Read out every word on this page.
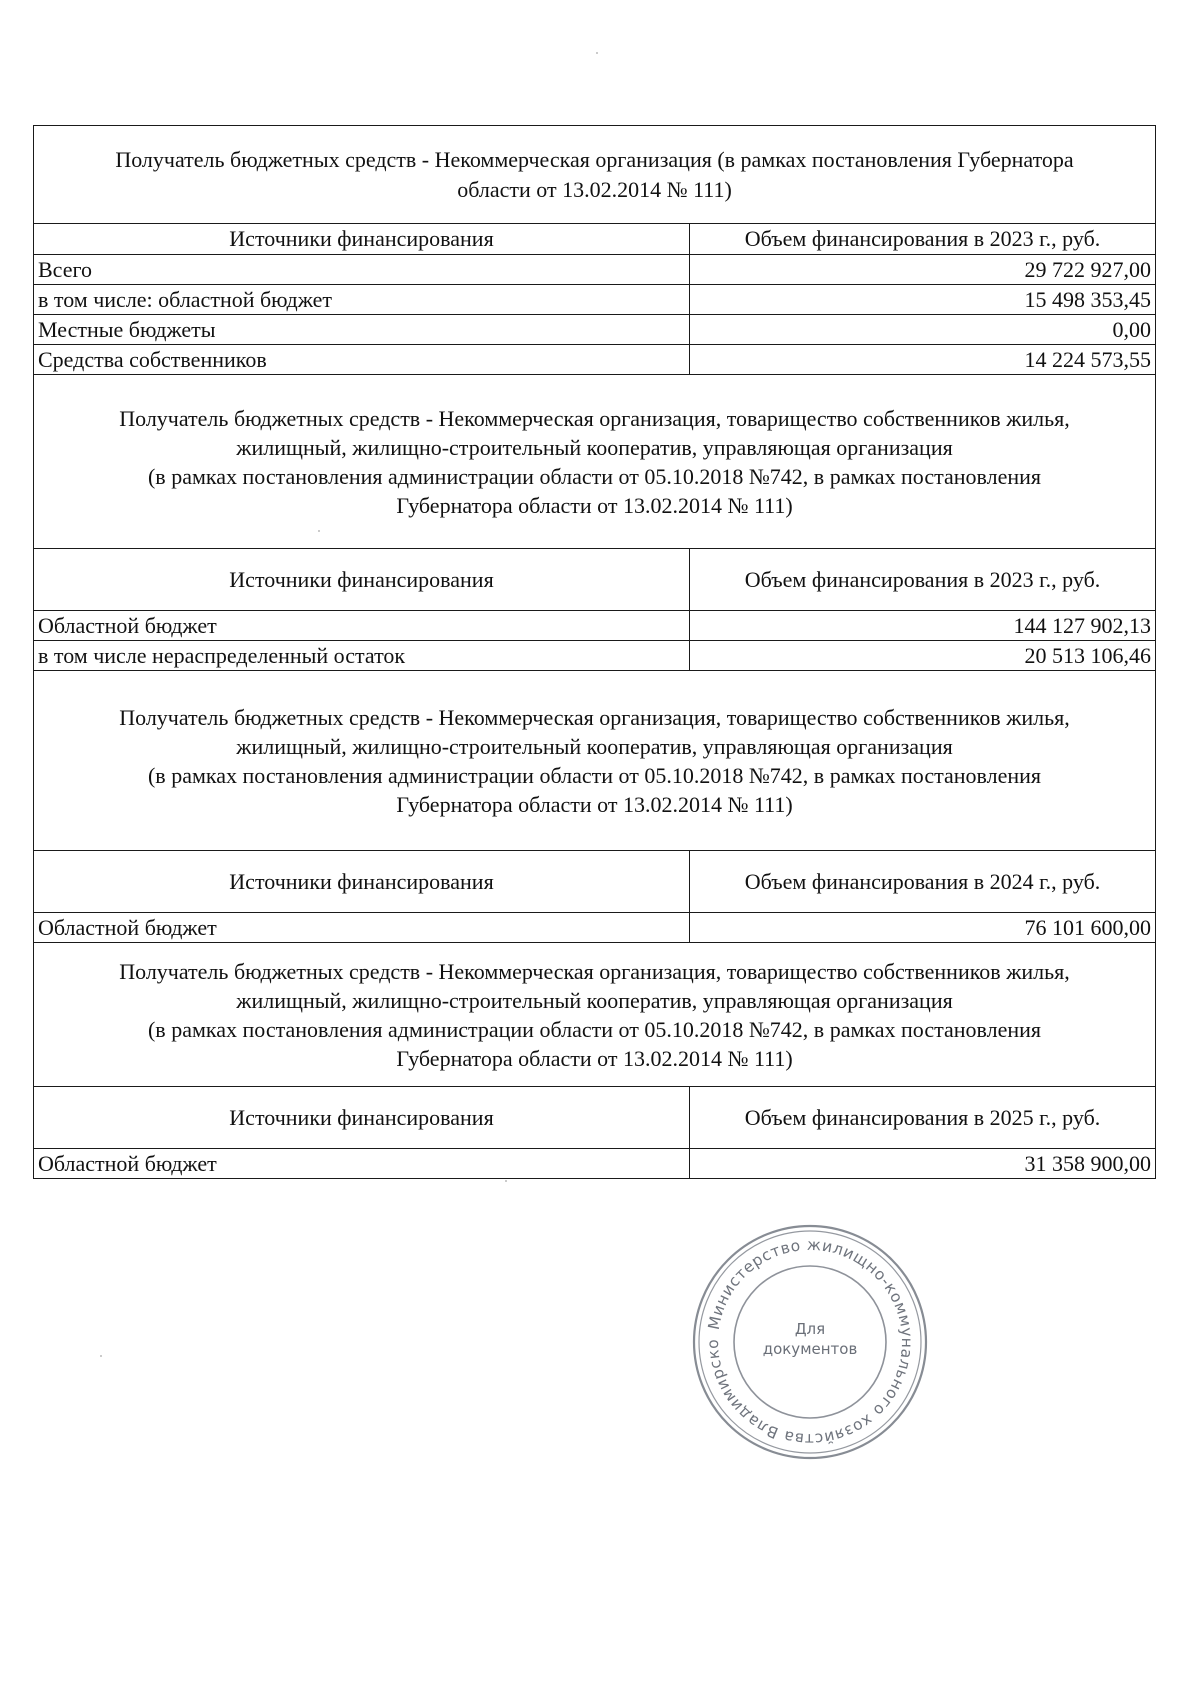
Получатель бюджетных средств - Некоммерческая организация (в рамках постановления Губернатора
области от 13.02.2014 № 111)	

Источники финансирования	Объем финансирования в 2023 г., руб.
Всего	29 722 927,00
в том числе: областной бюджет	15 498 353,45
Местные бюджеты	0,00
Средства собственников	14 224 573,55

Получатель бюджетных средств - Некоммерческая организация, товарищество собственников жилья,
жилищный, жилищно-строительный кооператив, управляющая организация
(в рамках постановления администрации области от 05.10.2018 №742, в рамках постановления
Губернатора области от 13.02.2014 № 111)	

Источники финансирования	Объем финансирования в 2023 г., руб.
Областной бюджет	144 127 902,13
в том числе нераспределенный остаток	20 513 106,46

Получатель бюджетных средств - Некоммерческая организация, товарищество собственников жилья,
жилищный, жилищно-строительный кооператив, управляющая организация
(в рамках постановления администрации области от 05.10.2018 №742, в рамках постановления
Губернатора области от 13.02.2014 № 111)	

Источники финансирования	Объем финансирования в 2024 г., руб.
Областной бюджет	76 101 600,00

Получатель бюджетных средств - Некоммерческая организация, товарищество собственников жилья,
жилищный, жилищно-строительный кооператив, управляющая организация
(в рамках постановления администрации области от 05.10.2018 №742, в рамках постановления
Губернатора области от 13.02.2014 № 111)	

Источники финансирования	Объем финансирования в 2025 г., руб.
Областной бюджет	31 358 900,00
Министерство жилищно-коммунального хозяйства Владимирско
Для
документов
